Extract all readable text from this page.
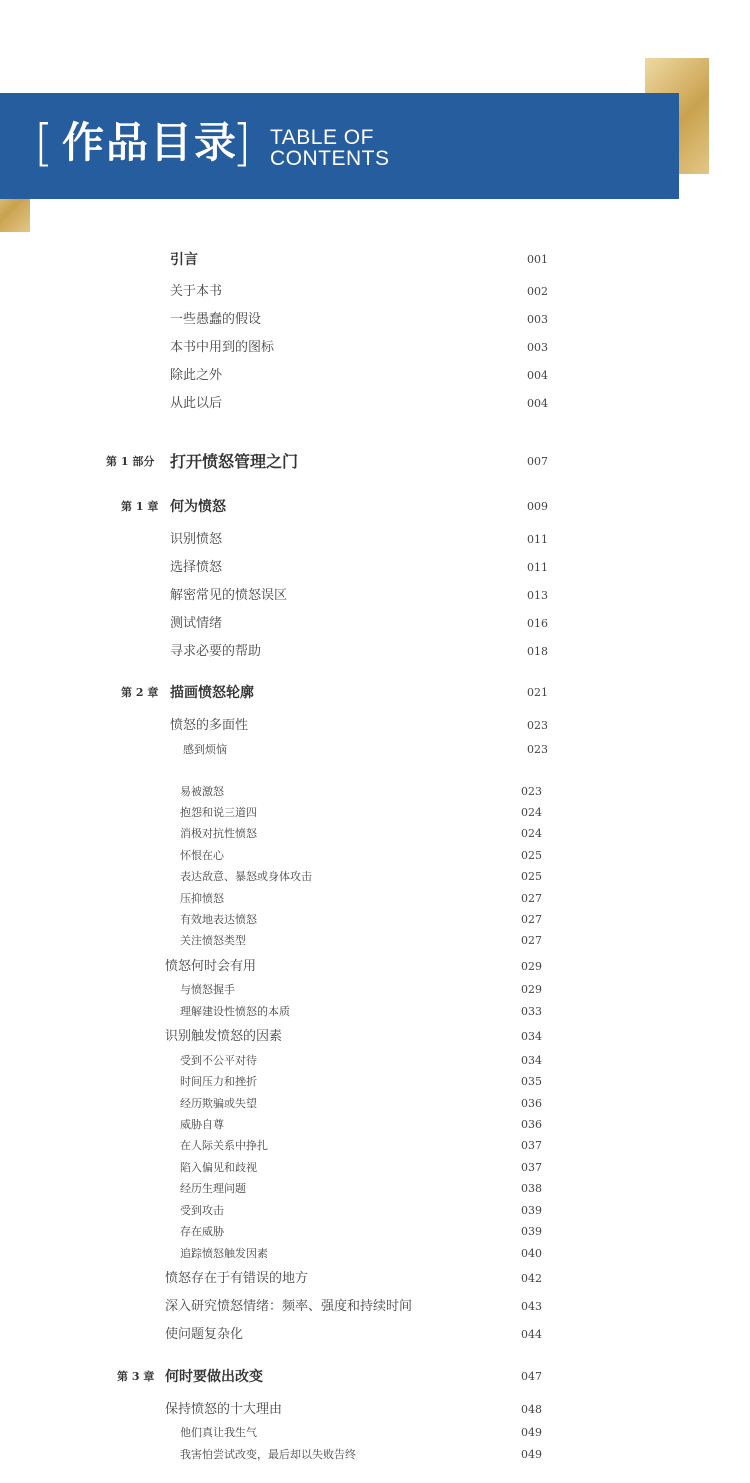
[ 作品目录
] TABLE OF
CONTENTS
引言	001
关于本书	002
一些愚蠢的假设	003
本书中用到的图标	003
除此之外	004
从此以后	004
第 1 部分 打开愤怒管理之门	007
第 1 章 何为愤怒	009
识别愤怒	011
选择愤怒	011
解密常见的愤怒误区	013
测试情绪	016
寻求必要的帮助	018
第 2 章 描画愤怒轮廓	021
愤怒的多面性	023
感到烦恼	023
易被激怒	023
抱怨和说三道四	024
消极对抗性愤怒	024
怀恨在心	025
表达敌意、暴怒或身体攻击	025
压抑愤怒	027
有效地表达愤怒	027
关注愤怒类型	027
愤怒何时会有用	029
与愤怒握手	029
理解建设性愤怒的本质	033
识别触发愤怒的因素	034
受到不公平对待	034
时间压力和挫折	035
经历欺骗或失望	036
威胁自尊	036
在人际关系中挣扎	037
陷入偏见和歧视	037
经历生理问题	038
受到攻击	039
存在威胁	039
追踪愤怒触发因素	040
愤怒存在于有错误的地方	042
深入研究愤怒情绪：频率、强度和持续时间	043
使问题复杂化	044
第 3 章 何时要做出改变	047
保持愤怒的十大理由	048
他们真让我生气	049
我害怕尝试改变，最后却以失败告终	049
